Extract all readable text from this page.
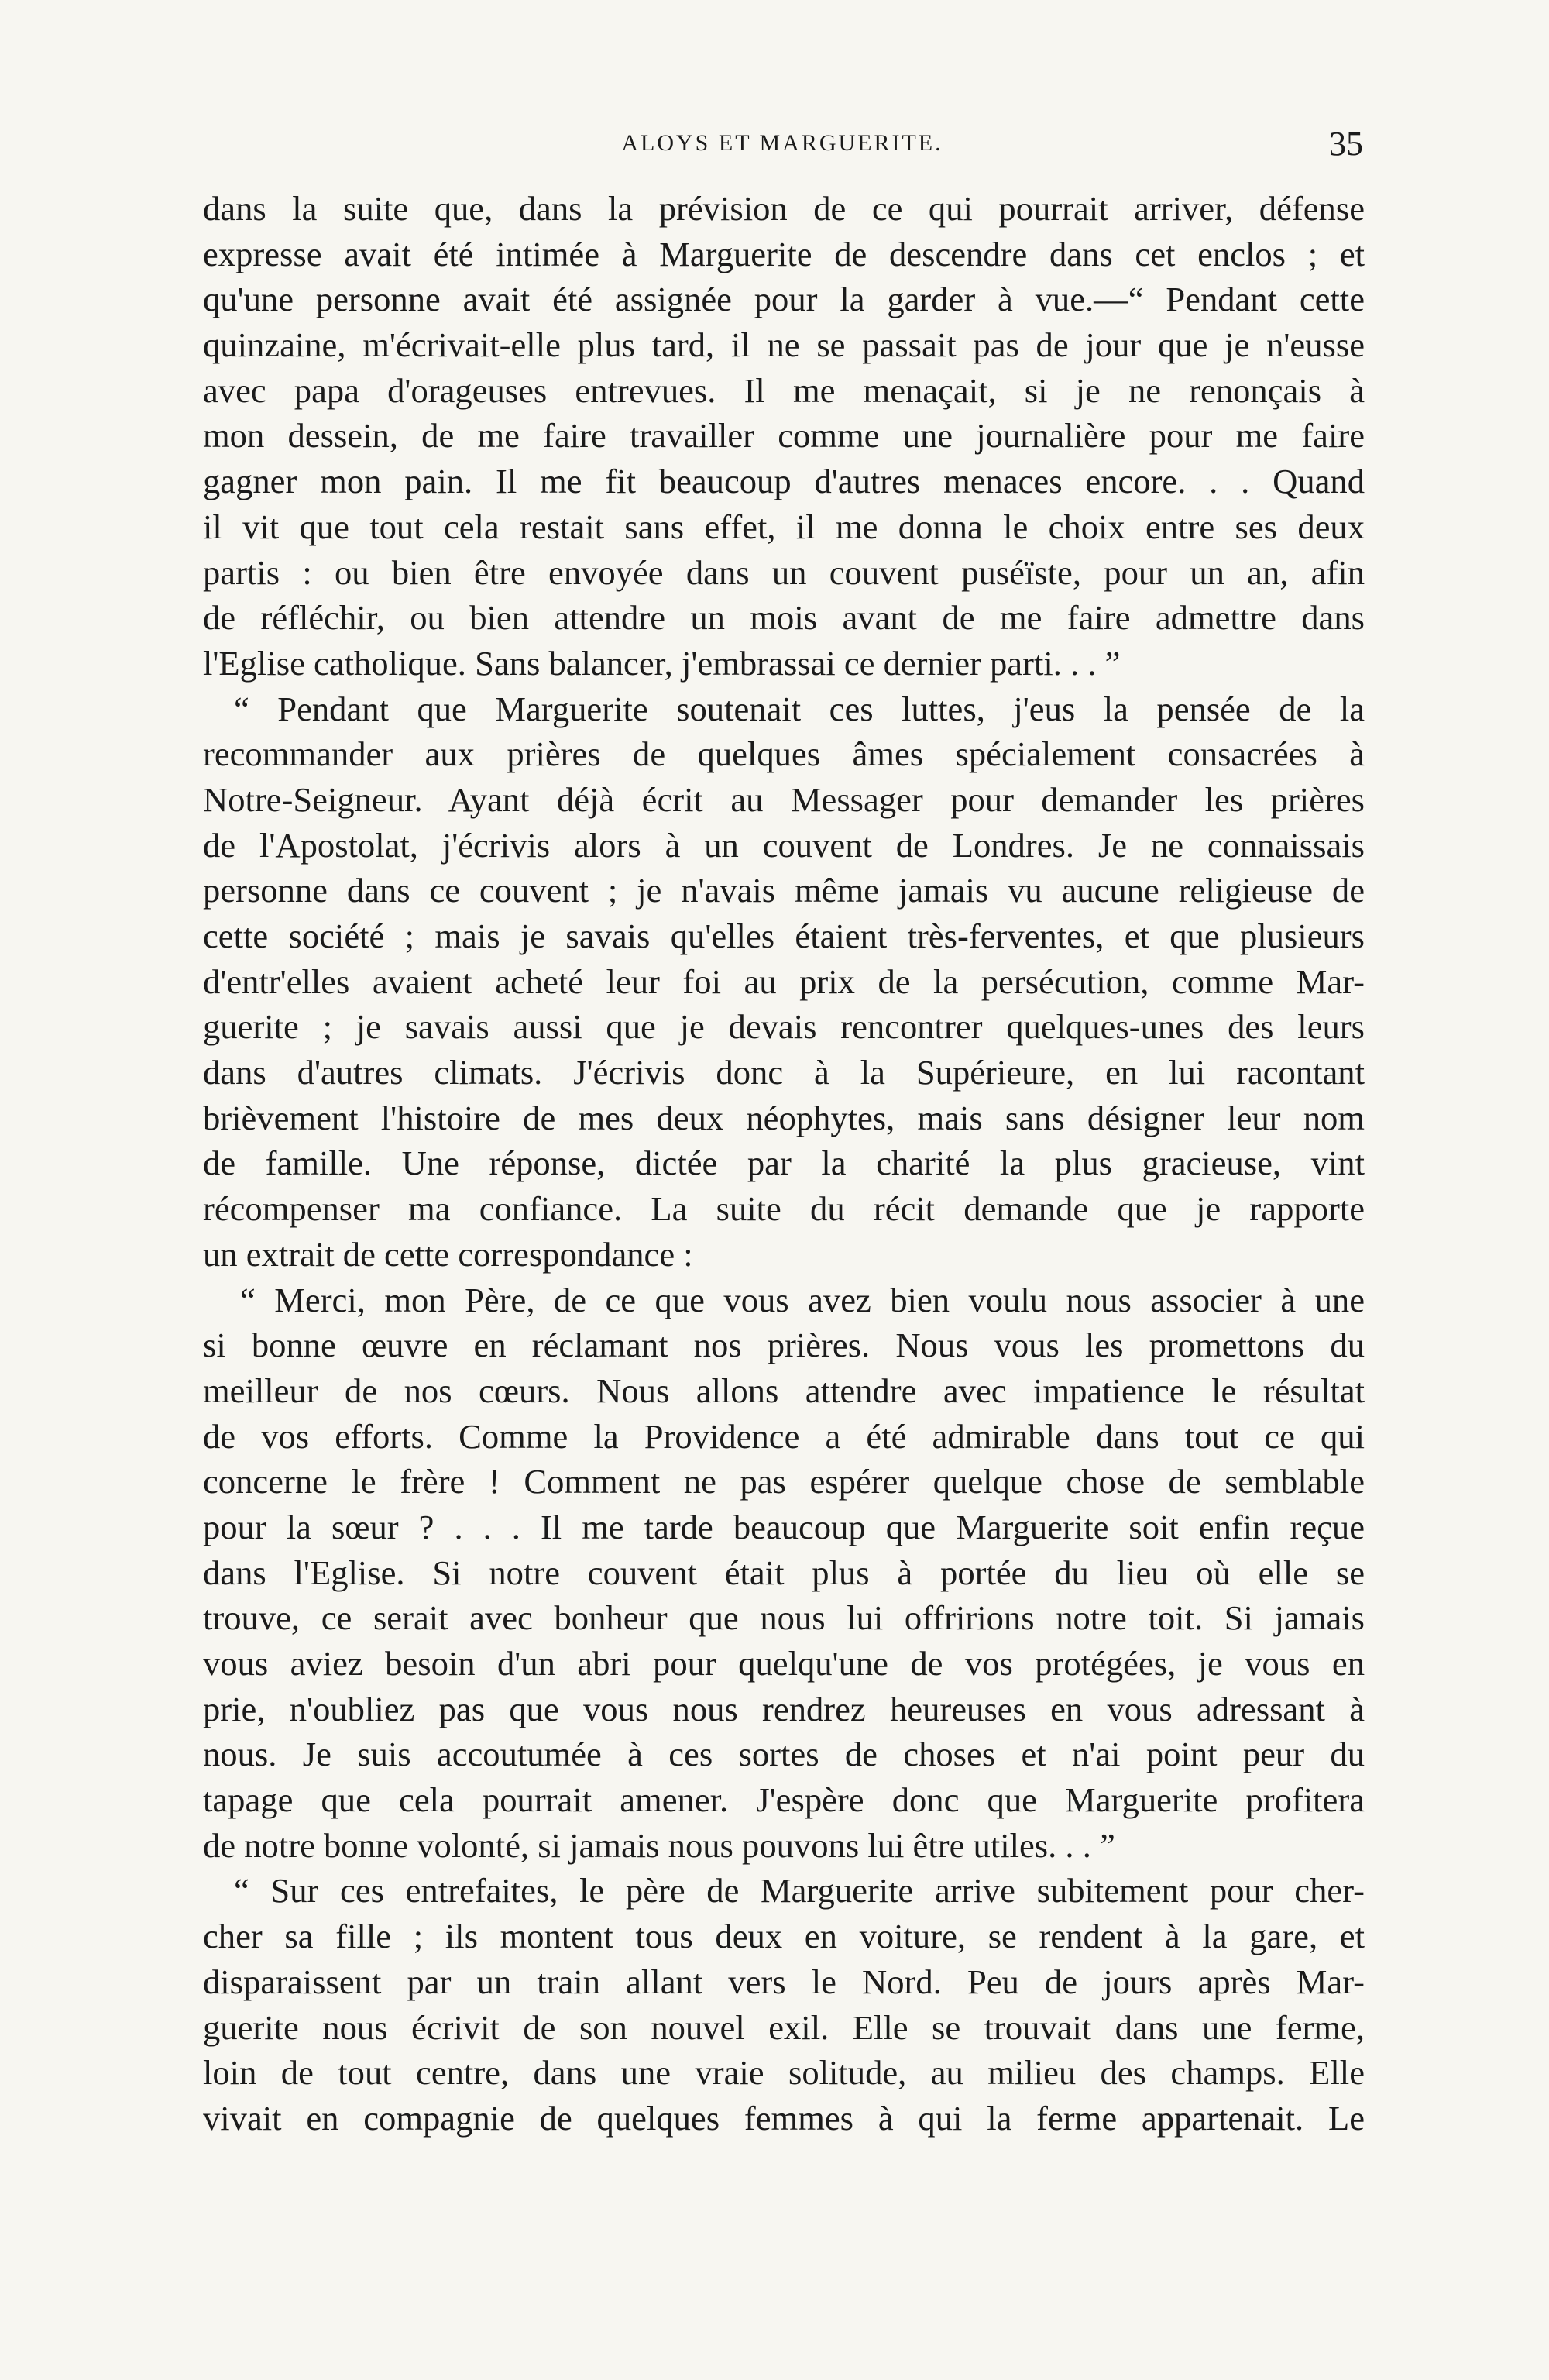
ALOYS ET MARGUERITE.	35
dans la suite que, dans la prévision de ce qui pourrait arriver, défense
expresse avait été intimée à Marguerite de descendre dans cet enclos ; et
qu'une personne avait été assignée pour la garder à vue.—“ Pendant cette
quinzaine, m'écrivait-elle plus tard, il ne se passait pas de jour que je n'eusse
avec papa d'orageuses entrevues. Il me menaçait, si je ne renonçais à
mon dessein, de me faire travailler comme une journalière pour me faire
gagner mon pain. Il me fit beaucoup d'autres menaces encore. . . Quand
il vit que tout cela restait sans effet, il me donna le choix entre ses deux
partis : ou bien être envoyée dans un couvent puséïste, pour un an, afin
de réfléchir, ou bien attendre un mois avant de me faire admettre dans
l'Eglise catholique. Sans balancer, j'embrassai ce dernier parti. . . ”
“ Pendant que Marguerite soutenait ces luttes, j'eus la pensée de la
recommander aux prières de quelques âmes spécialement consacrées à
Notre-Seigneur. Ayant déjà écrit au Messager pour demander les prières
de l'Apostolat, j'écrivis alors à un couvent de Londres. Je ne connaissais
personne dans ce couvent ; je n'avais même jamais vu aucune religieuse de
cette société ; mais je savais qu'elles étaient très-ferventes, et que plusieurs
d'entr'elles avaient acheté leur foi au prix de la persécution, comme Mar-
guerite ; je savais aussi que je devais rencontrer quelques-unes des leurs
dans d'autres climats. J'écrivis donc à la Supérieure, en lui racontant
brièvement l'histoire de mes deux néophytes, mais sans désigner leur nom
de famille. Une réponse, dictée par la charité la plus gracieuse, vint
récompenser ma confiance. La suite du récit demande que je rapporte
un extrait de cette correspondance :
“ Merci, mon Père, de ce que vous avez bien voulu nous associer à une
si bonne œuvre en réclamant nos prières. Nous vous les promettons du
meilleur de nos cœurs. Nous allons attendre avec impatience le résultat
de vos efforts. Comme la Providence a été admirable dans tout ce qui
concerne le frère ! Comment ne pas espérer quelque chose de semblable
pour la sœur ? . . . Il me tarde beaucoup que Marguerite soit enfin reçue
dans l'Eglise. Si notre couvent était plus à portée du lieu où elle se
trouve, ce serait avec bonheur que nous lui offririons notre toit. Si jamais
vous aviez besoin d'un abri pour quelqu'une de vos protégées, je vous en
prie, n'oubliez pas que vous nous rendrez heureuses en vous adressant à
nous. Je suis accoutumée à ces sortes de choses et n'ai point peur du
tapage que cela pourrait amener. J'espère donc que Marguerite profitera
de notre bonne volonté, si jamais nous pouvons lui être utiles. . . ”
“ Sur ces entrefaites, le père de Marguerite arrive subitement pour cher-
cher sa fille ; ils montent tous deux en voiture, se rendent à la gare, et
disparaissent par un train allant vers le Nord. Peu de jours après Mar-
guerite nous écrivit de son nouvel exil. Elle se trouvait dans une ferme,
loin de tout centre, dans une vraie solitude, au milieu des champs. Elle
vivait en compagnie de quelques femmes à qui la ferme appartenait. Le
